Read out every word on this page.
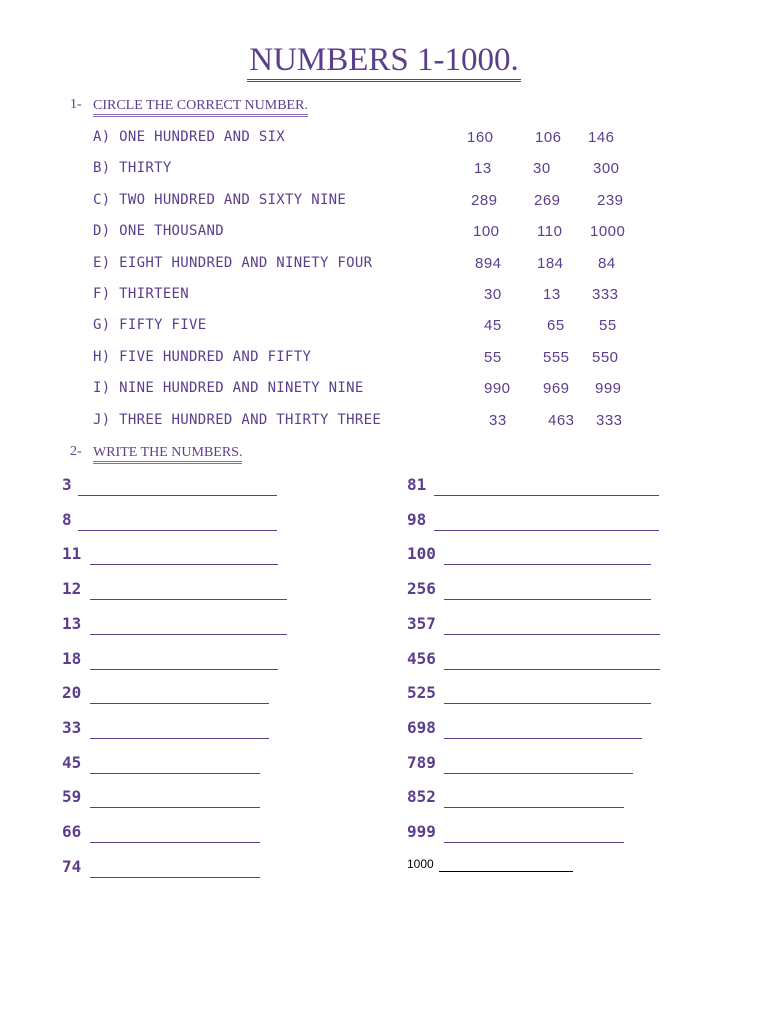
NUMBERS 1-1000.
1- CIRCLE THE CORRECT NUMBER.
A) ONE HUNDRED AND SIX	160	106 146
B) THIRTY	13	30	300
C) TWO HUNDRED AND SIXTY NINE	289 269 239
D) ONE THOUSAND	100 110 1000
E) EIGHT HUNDRED AND NINETY FOUR	894 184 84
F) THIRTEEN	30	13 333
G) FIFTY FIVE	45	65 55
H) FIVE HUNDRED AND FIFTY	55	555 550
I) NINE HUNDRED AND NINETY NINE	990 969 999
J) THREE HUNDRED AND THIRTY THREE	33	463 333
2- WRITE THE NUMBERS.
3
8
11
12
13
18
20
33
45
59
66
74
81
98
100
256
357
456
525
698
789
852
999
1000
